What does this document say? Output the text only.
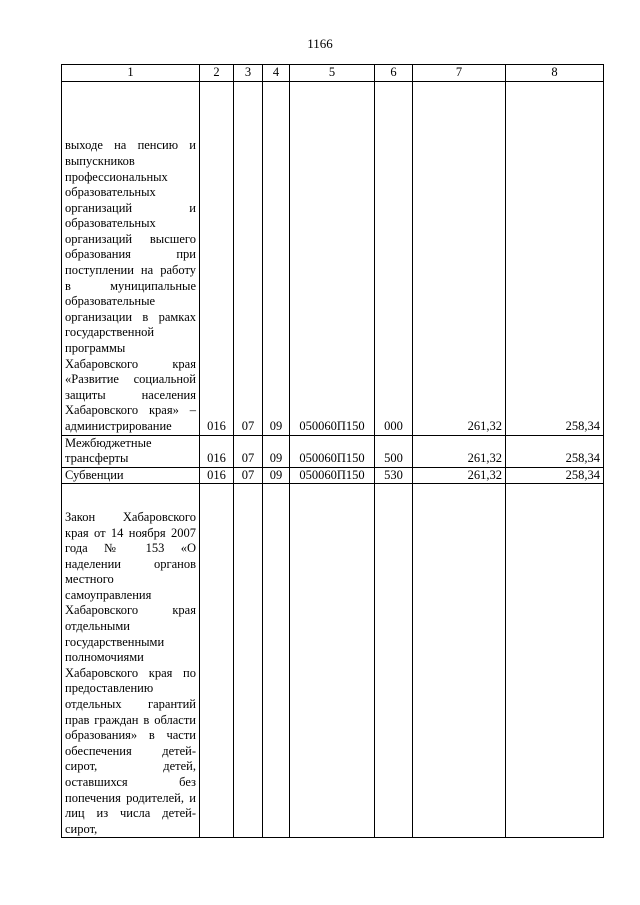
1166
1	2	3	4	5	6	7	8
выходе на пенсию и выпускников профессиональных образовательных организаций и образовательных организаций высшего образования при поступлении на работу в муниципальные образовательные организации в рамках государственной программы Хабаровского края «Развитие социальной защиты населения Хабаровского края» – администрирование	016	07	09	050060П150	000	261,32	258,34
Межбюджетные трансферты	016	07	09	050060П150	500	261,32	258,34
Субвенции	016	07	09	050060П150	530	261,32	258,34
Закон Хабаровского края от 14 ноября 2007 года № 153 «О наделении органов местного самоуправления Хабаровского края отдельными государственными полномочиями Хабаровского края по предоставлению отдельных гарантий прав граждан в области образования» в части обеспечения детей-сирот, детей, оставшихся без попечения родителей, и лиц из числа детей-сирот,							
